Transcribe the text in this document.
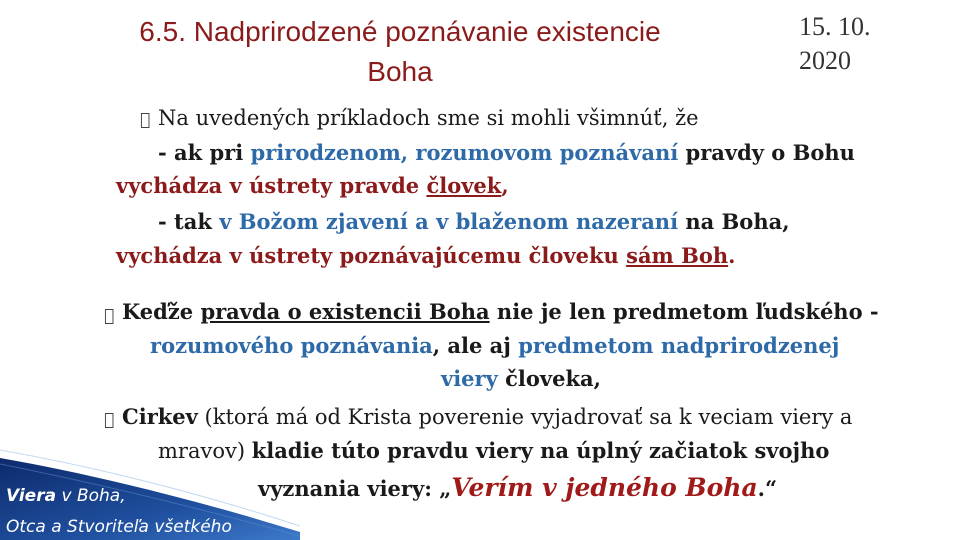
Viera v Boha,
Otca a Stvoriteľa všetkého
6.5. Nadprirodzené poznávanie existencie
Boha
15. 10.
2020
Na uvedených príkladoch sme si mohli všimnúť, že
- ak pri prirodzenom, rozumovom poznávaní pravdy o Bohu
vychádza v ústrety pravde človek,
- tak v Božom zjavení a v blaženom nazeraní na Boha,
vychádza v ústrety poznávajúcemu človeku sám Boh.
Keďže pravda o existencii Boha nie je len predmetom ľudského -
rozumového poznávania, ale aj predmetom nadprirodzenej
viery človeka,
Cirkev (ktorá má od Krista poverenie vyjadrovať sa k veciam viery a
mravov) kladie túto pravdu viery na úplný začiatok svojho
vyznania viery: „Verím v jedného Boha.“
